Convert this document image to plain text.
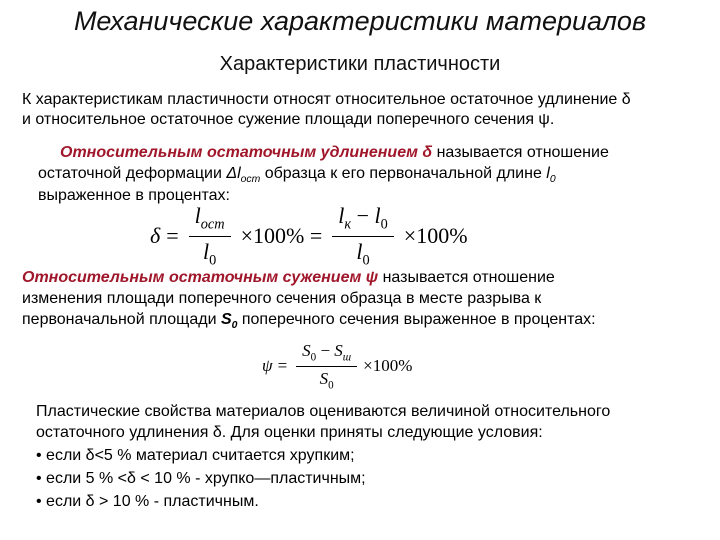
Механические характеристики материалов
Характеристики пластичности
К характеристикам пластичности относят относительное остаточное удлинение δ
и относительное остаточное сужение площади поперечного сечения ψ.
Относительным остаточным удлинением δ называется отношение
остаточной деформации $\Delta l_{ост}$ образца к его первоначальной длине $l_0$
выраженное в процентах:
$\delta = \frac{l_{ост}}{l_0} \times 100\% = \frac{l_к - l_0}{l_0} \times 100\%$
Относительным остаточным сужением ψ называется отношение
изменения площади поперечного сечения образца в месте разрыва к
первоначальной площади $S_0$ поперечного сечения выраженное в процентах:
$\psi = \frac{S_0 - S_ш}{S_0} \times 100\%$
Пластические свойства материалов оцениваются величиной относительного
остаточного удлинения δ. Для оценки приняты следующие условия:
• если δ<5 % материал считается хрупким;
• если 5 % <δ < 10 % - хрупко—пластичным;
• если δ > 10 % - пластичным.
